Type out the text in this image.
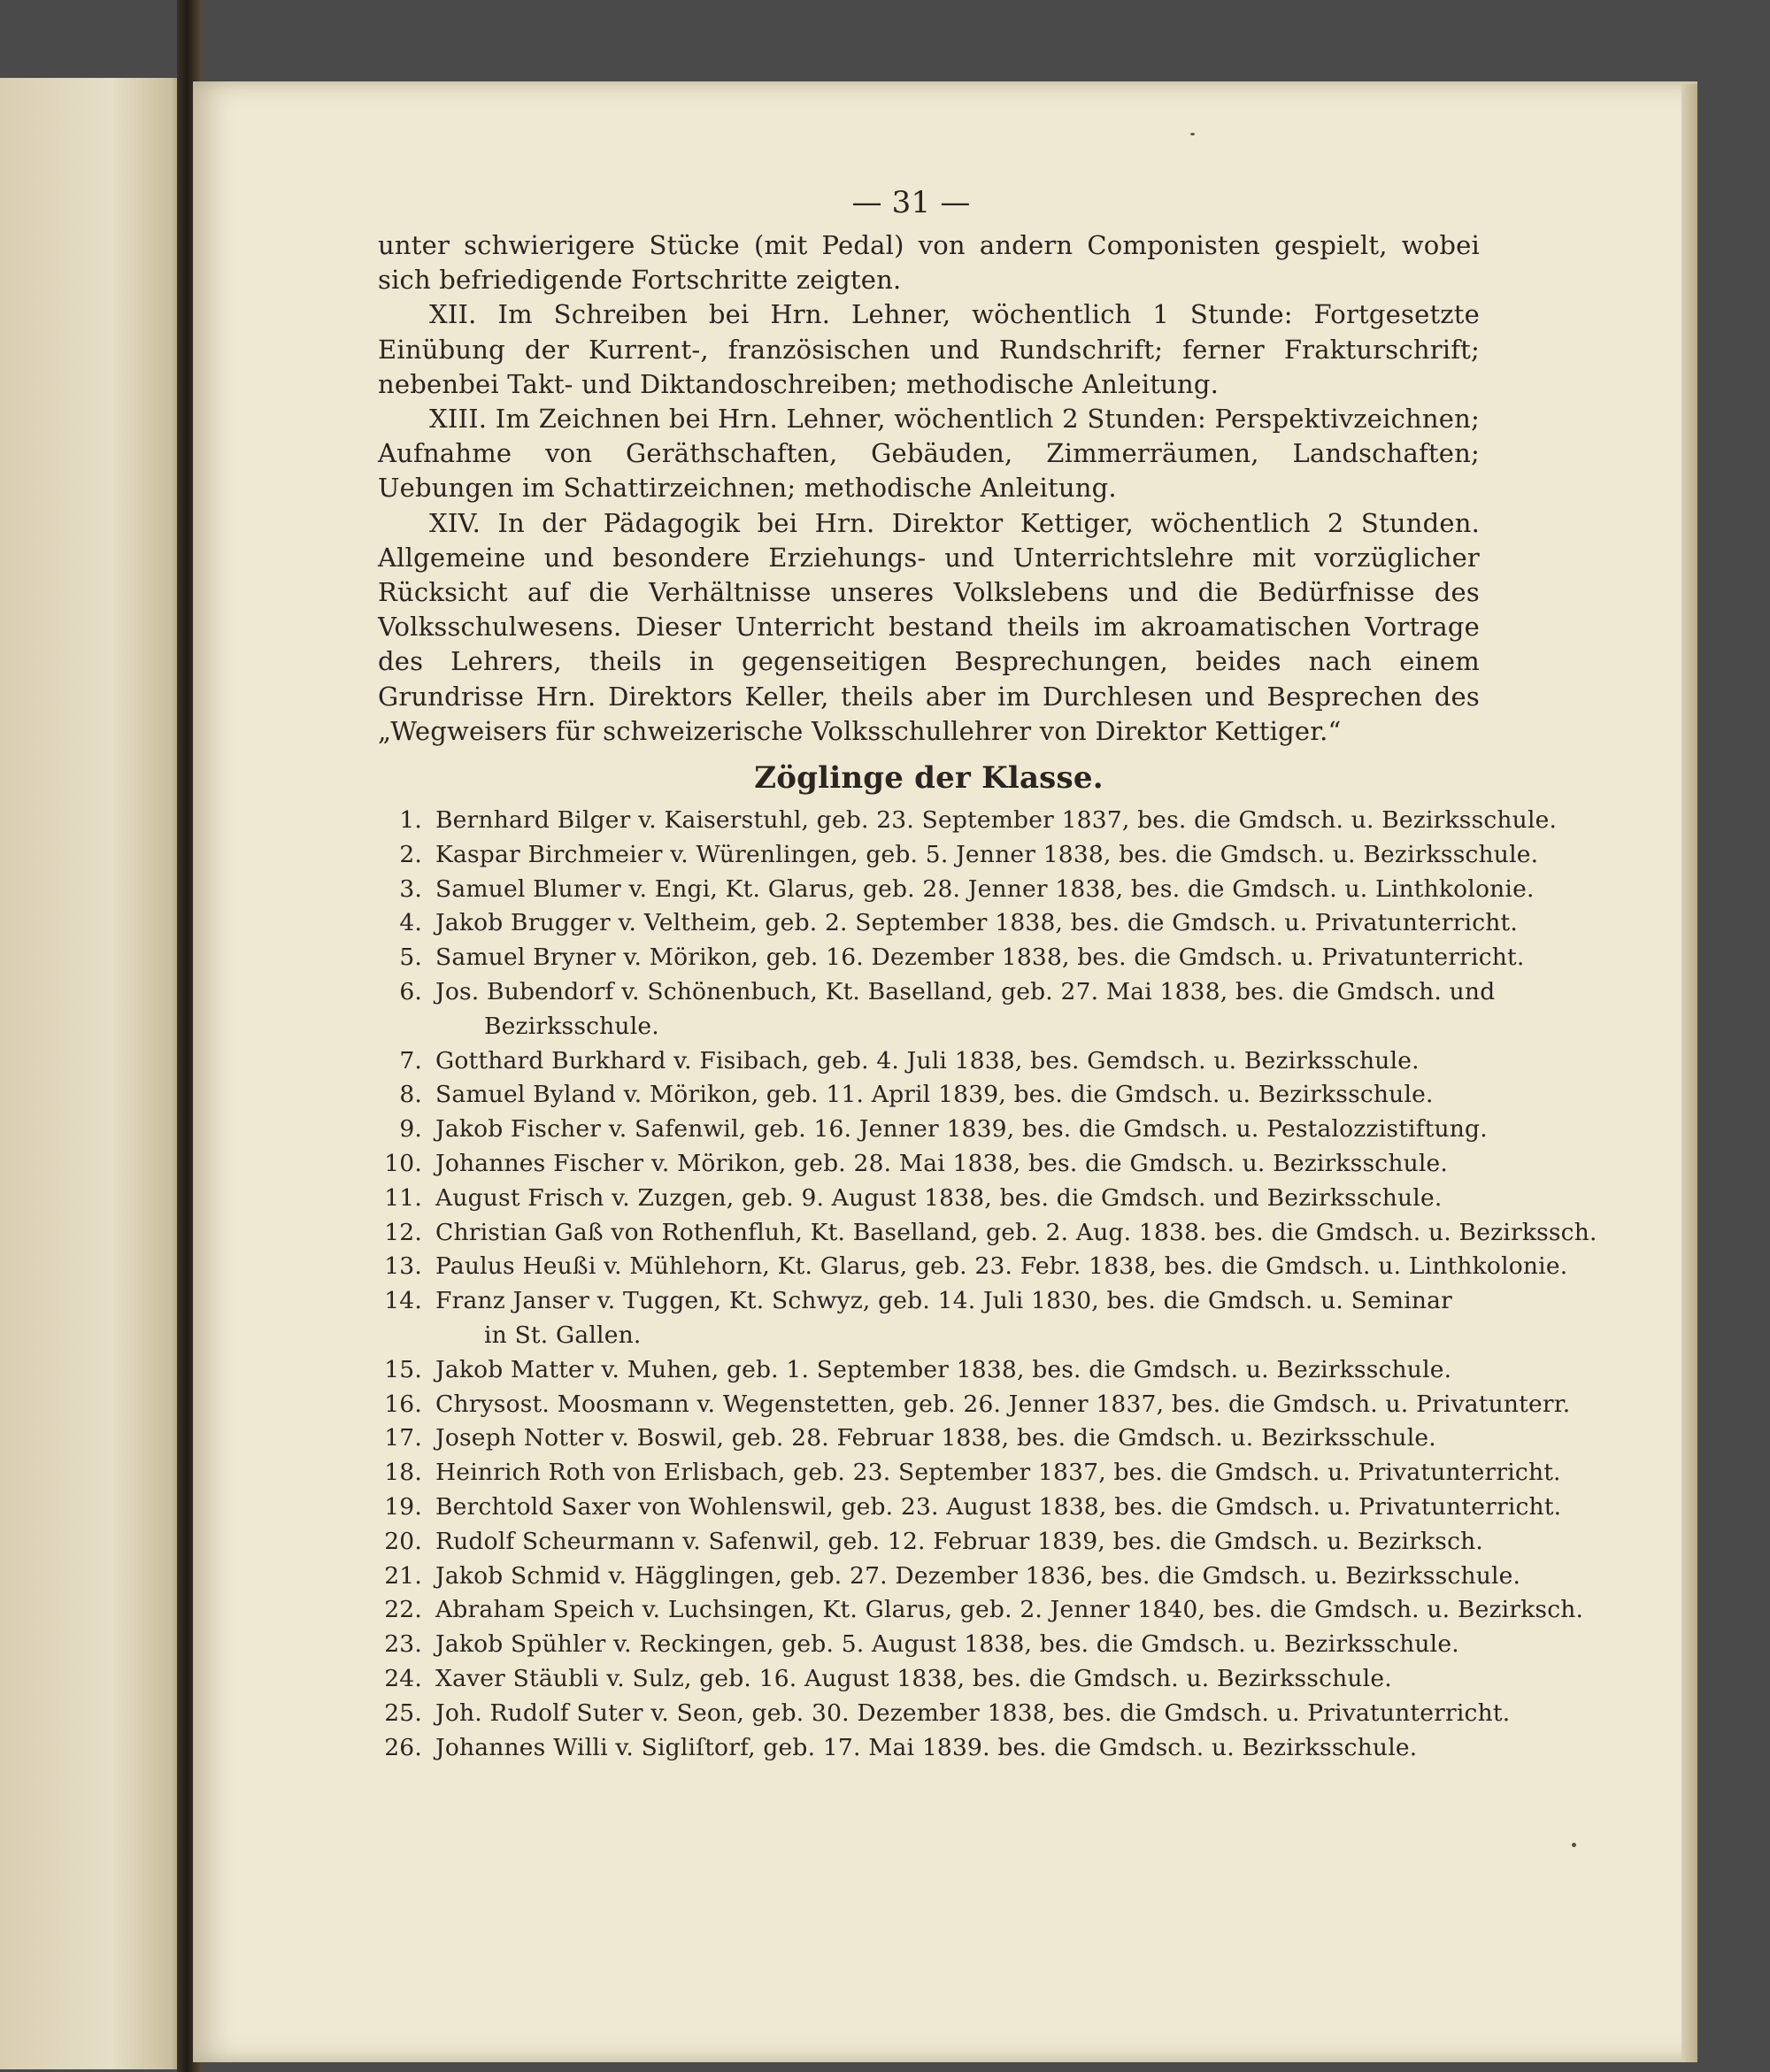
— 31 —

unter schwierigere Stücke (mit Pedal) von andern Componisten gespielt, wobei sich befriedigende Fortschritte zeigten.

XII. Im Schreiben bei Hrn. Lehner, wöchentlich 1 Stunde: Fortgesetzte Einübung der Kurrent-, französischen und Rundschrift; ferner Frakturschrift; nebenbei Takt- und Diktandoschreiben; methodische Anleitung.

XIII. Im Zeichnen bei Hrn. Lehner, wöchentlich 2 Stunden: Perspektivzeichnen; Aufnahme von Geräthschaften, Gebäuden, Zimmerräumen, Landschaften; Uebungen im Schattirzeichnen; methodische Anleitung.

XIV. In der Pädagogik bei Hrn. Direktor Kettiger, wöchentlich 2 Stunden. Allgemeine und besondere Erziehungs- und Unterrichtslehre mit vorzüglicher Rücksicht auf die Verhältnisse unseres Volkslebens und die Bedürfnisse des Volksschulwesens. Dieser Unterricht bestand theils im akroamatischen Vortrage des Lehrers, theils in gegenseitigen Besprechungen, beides nach einem Grundrisse Hrn. Direktors Keller, theils aber im Durchlesen und Besprechen des „Wegweisers für schweizerische Volksschullehrer von Direktor Kettiger.“

Zöglinge der Klasse.
1. Bernhard Bilger v. Kaiserstuhl, geb. 23. September 1837, bes. die Gmdsch. u. Bezirksschule.
2. Kaspar Birchmeier v. Würenlingen, geb. 5. Jenner 1838, bes. die Gmdsch. u. Bezirksschule.
3. Samuel Blumer v. Engi, Kt. Glarus, geb. 28. Jenner 1838, bes. die Gmdsch. u. Linthkolonie.
4. Jakob Brugger v. Veltheim, geb. 2. September 1838, bes. die Gmdsch. u. Privatunterricht.
5. Samuel Bryner v. Mörikon, geb. 16. Dezember 1838, bes. die Gmdsch. u. Privatunterricht.
6. Jos. Bubendorf v. Schönenbuch, Kt. Baselland, geb. 27. Mai 1838, bes. die Gmdsch. und
Bezirksschule.
7. Gotthard Burkhard v. Fisibach, geb. 4. Juli 1838, bes. Gemdsch. u. Bezirksschule.
8. Samuel Byland v. Mörikon, geb. 11. April 1839, bes. die Gmdsch. u. Bezirksschule.
9. Jakob Fischer v. Safenwil, geb. 16. Jenner 1839, bes. die Gmdsch. u. Pestalozzistiftung.
10. Johannes Fischer v. Mörikon, geb. 28. Mai 1838, bes. die Gmdsch. u. Bezirksschule.
11. August Frisch v. Zuzgen, geb. 9. August 1838, bes. die Gmdsch. und Bezirksschule.
12. Christian Gaß von Rothenfluh, Kt. Baselland, geb. 2. Aug. 1838. bes. die Gmdsch. u. Bezirkssch.
13. Paulus Heußi v. Mühlehorn, Kt. Glarus, geb. 23. Febr. 1838, bes. die Gmdsch. u. Linthkolonie.
14. Franz Janser v. Tuggen, Kt. Schwyz, geb. 14. Juli 1830, bes. die Gmdsch. u. Seminar
in St. Gallen.
15. Jakob Matter v. Muhen, geb. 1. September 1838, bes. die Gmdsch. u. Bezirksschule.
16. Chrysost. Moosmann v. Wegenstetten, geb. 26. Jenner 1837, bes. die Gmdsch. u. Privatunterr.
17. Joseph Notter v. Boswil, geb. 28. Februar 1838, bes. die Gmdsch. u. Bezirksschule.
18. Heinrich Roth von Erlisbach, geb. 23. September 1837, bes. die Gmdsch. u. Privatunterricht.
19. Berchtold Saxer von Wohlenswil, geb. 23. August 1838, bes. die Gmdsch. u. Privatunterricht.
20. Rudolf Scheurmann v. Safenwil, geb. 12. Februar 1839, bes. die Gmdsch. u. Bezirksch.
21. Jakob Schmid v. Hägglingen, geb. 27. Dezember 1836, bes. die Gmdsch. u. Bezirksschule.
22. Abraham Speich v. Luchsingen, Kt. Glarus, geb. 2. Jenner 1840, bes. die Gmdsch. u. Bezirksch.
23. Jakob Spühler v. Reckingen, geb. 5. August 1838, bes. die Gmdsch. u. Bezirksschule.
24. Xaver Stäubli v. Sulz, geb. 16. August 1838, bes. die Gmdsch. u. Bezirksschule.
25. Joh. Rudolf Suter v. Seon, geb. 30. Dezember 1838, bes. die Gmdsch. u. Privatunterricht.
26. Johannes Willi v. Sigliſtorf, geb. 17. Mai 1839. bes. die Gmdsch. u. Bezirksschule.
